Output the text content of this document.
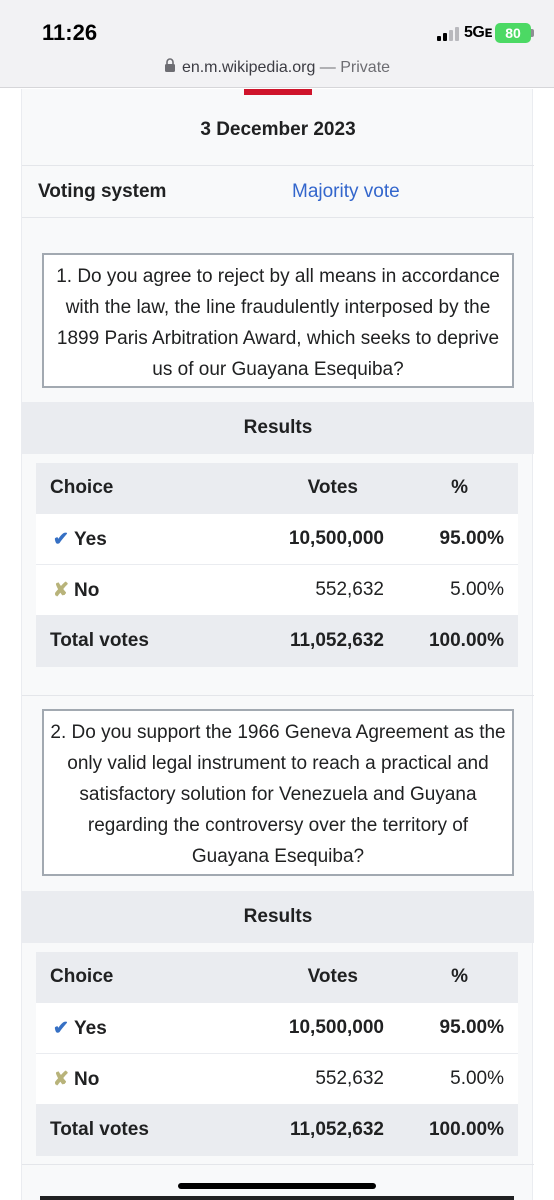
11:26	5Gᴇ 80
en.m.wikipedia.org — Private
3 December 2023
Voting system	Majority vote
1. Do you agree to reject by all means in accordance with the law, the line fraudulently interposed by the 1899 Paris Arbitration Award, which seeks to deprive us of our Guayana Esequiba?
Results
Choice	Votes	%
✔ Yes	10,500,000	95.00%
✘ No	552,632	5.00%
Total votes	11,052,632 100.00%
2. Do you support the 1966 Geneva Agreement as the only valid legal instrument to reach a practical and satisfactory solution for Venezuela and Guyana regarding the controversy over the territory of Guayana Esequiba?
Results
Choice	Votes	%
✔ Yes	10,500,000	95.00%
✘ No	552,632	5.00%
Total votes	11,052,632 100.00%
